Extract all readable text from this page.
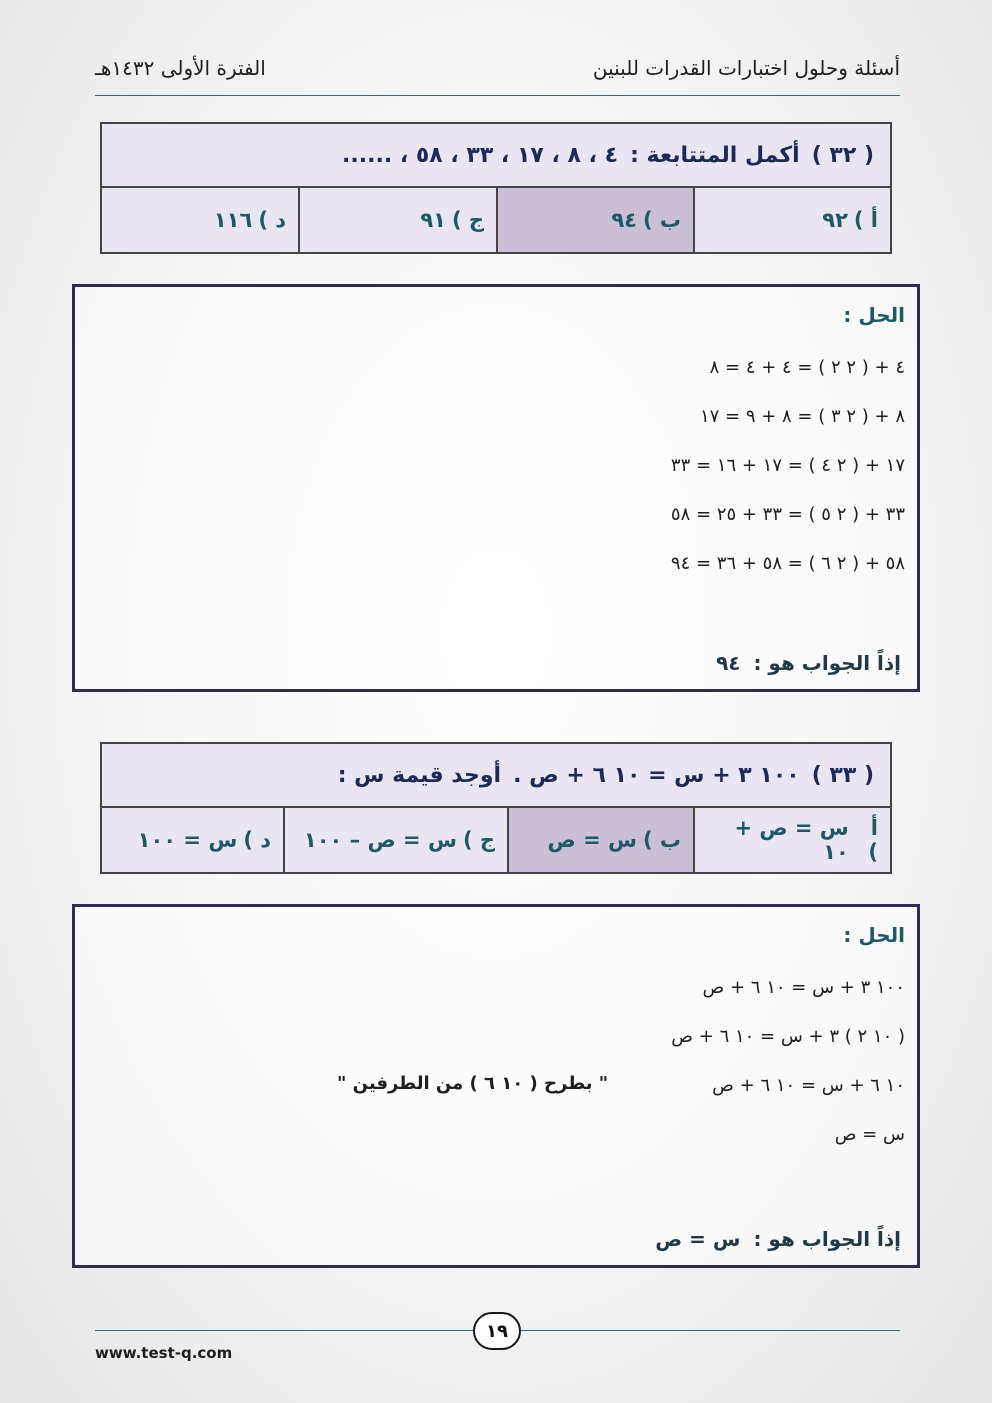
أسئلة وحلول اختبارات القدرات للبنين
الفترة الأولى ١٤٣٢هـ
( ٣٢ )
أكمل المتتابعة :
٤ ، ٨ ، ١٧ ، ٣٣ ، ٥٨ ، ......
أ )
٩٢
ب )
٩٤
ج )
٩١
د )
١١٦
الحل :
٤ + ( ٢ ٢ ) = ٤ + ٤ = ٨
٨ + ( ٢ ٣ ) = ٨ + ٩ = ١٧
١٧ + ( ٢ ٤ ) = ١٧ + ١٦ = ٣٣
٣٣ + ( ٢ ٥ ) = ٣٣ + ٢٥ = ٥٨
٥٨ + ( ٢ ٦ ) = ٥٨ + ٣٦ = ٩٤
إذاً الجواب هو : ٩٤
( ٣٣ )
١٠٠ ٣ + س = ١٠ ٦ + ص .
أوجد قيمة س :
أ )
س = ص + ١٠
ب )
س = ص
ج )
س = ص – ١٠٠
د )
س = ١٠٠
الحل :
١٠٠ ٣ + س = ١٠ ٦ + ص
( ١٠ ٢ ) ٣ + س = ١٠ ٦ + ص
١٠ ٦ + س = ١٠ ٦ + ص
" بطرح ( ١٠ ٦ ) من الطرفين "
س = ص
إذاً الجواب هو : س = ص
١٩
www.test-q.com
